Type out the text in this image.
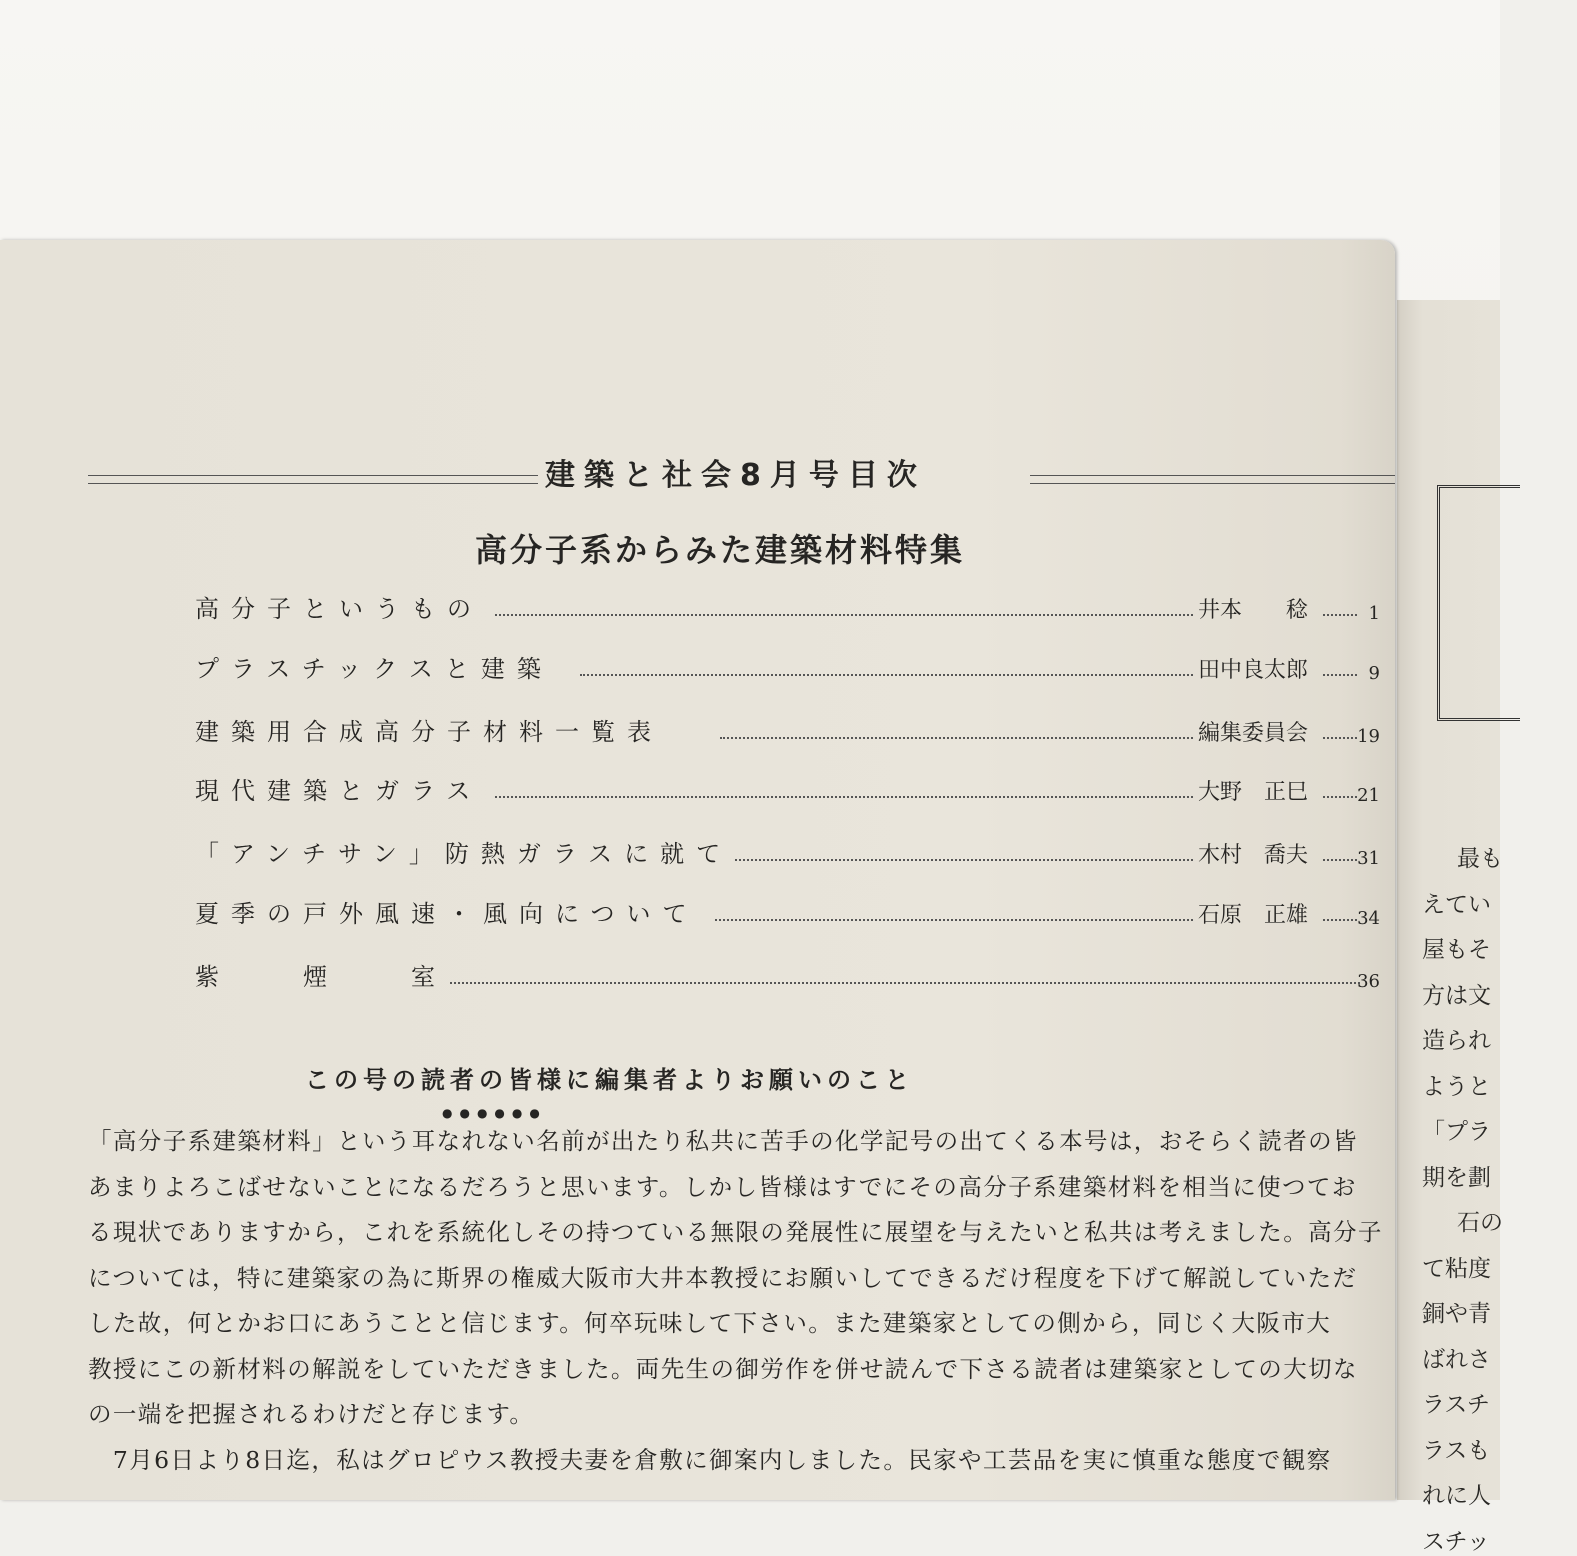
最も
えてい
屋もそ
方は文
造られ
ようと
「プラ
期を劃
石の
て粘度
銅や青
ばれさ
ラスチ
ラスも
れに人
スチッ
建築と社会8月号目次
高分子系からみた建築材料特集
高分子というもの	井本　　稔	1
プラスチックスと建築	田中良太郎	9
建築用合成高分子材料一覧表	編集委員会	19
現代建築とガラス	大野　正巳	21
「アンチサン」防熱ガラスに就て	木村　喬夫	31
夏季の戸外風速・風向について	石原　正雄	34
紫　　煙　　室	36
この号の読者の皆様に編集者よりお願いのこと
●●●●●●
「高分子系建築材料」という耳なれない名前が出たり私共に苦手の化学記号の出てくる本号は，おそらく読者の皆
あまりよろこばせないことになるだろうと思います。しかし皆様はすでにその高分子系建築材料を相当に使つてお
る現状でありますから，これを系統化しその持つている無限の発展性に展望を与えたいと私共は考えました。高分子
については，特に建築家の為に斯界の権威大阪市大井本教授にお願いしてできるだけ程度を下げて解説していただ
した故，何とかお口にあうことと信じます。何卒玩味して下さい。また建築家としての側から，同じく大阪市大
教授にこの新材料の解説をしていただきました。両先生の御労作を併せ読んで下さる読者は建築家としての大切な
の一端を把握されるわけだと存じます。
　7月6日より8日迄，私はグロピウス教授夫妻を倉敷に御案内しました。民家や工芸品を実に慎重な態度で観察
